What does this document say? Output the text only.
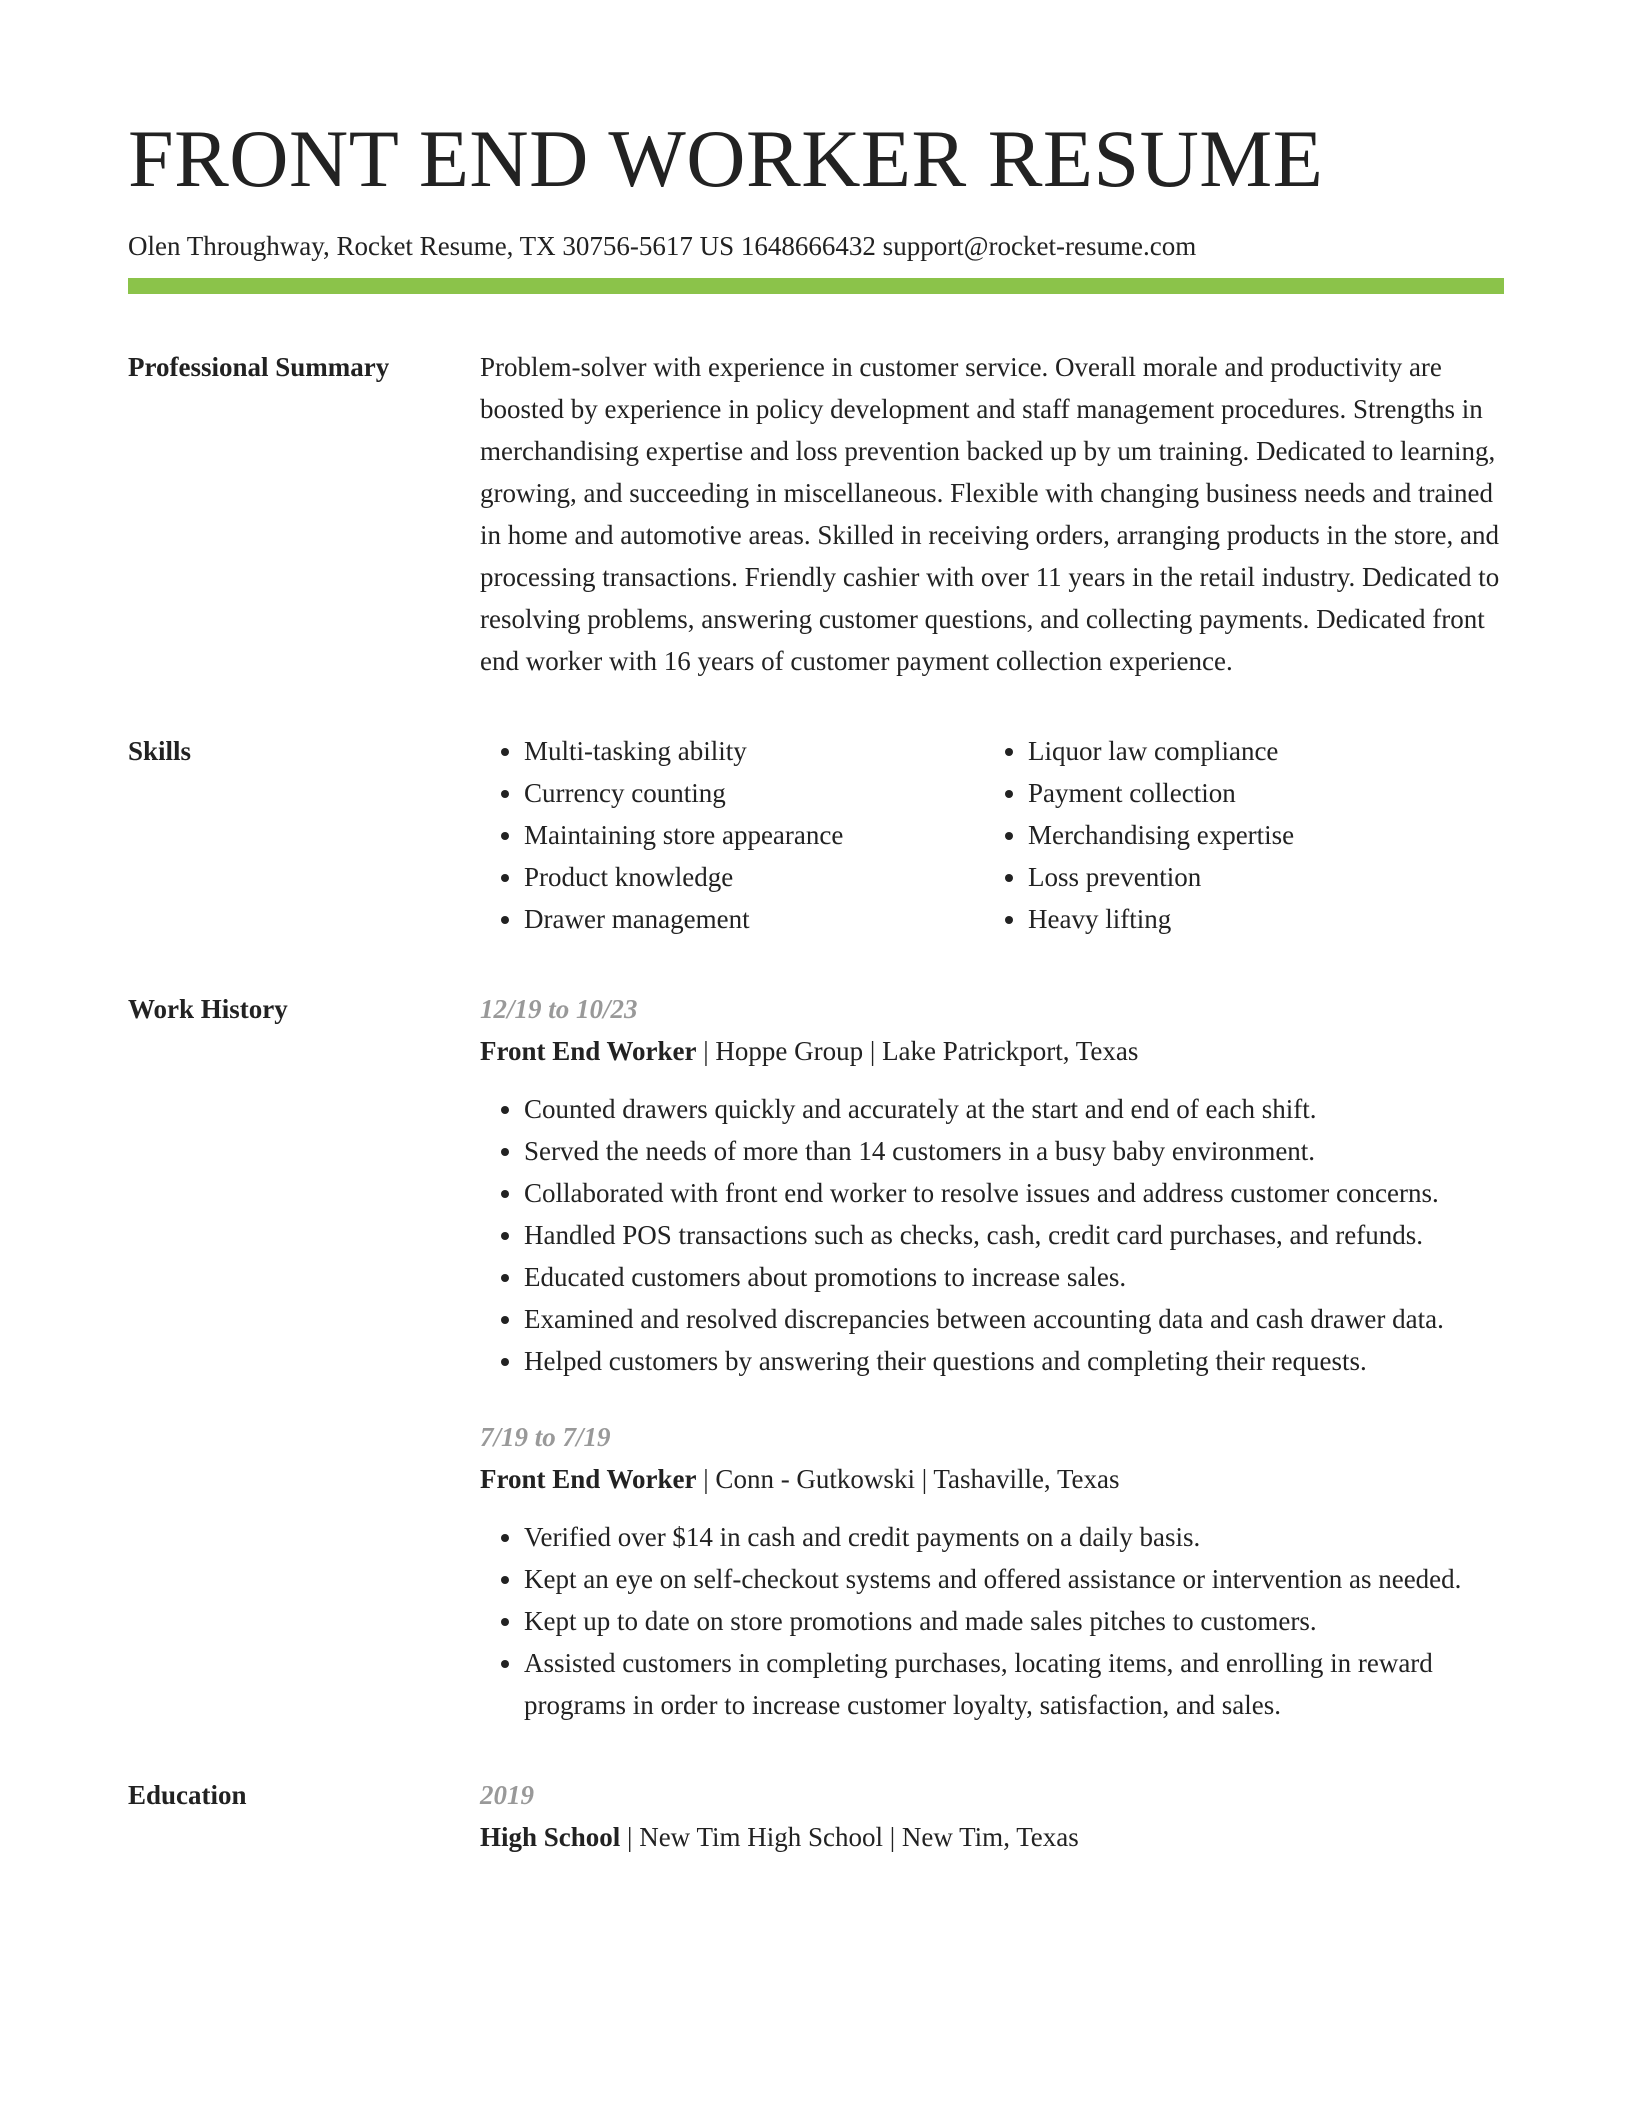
FRONT END WORKER RESUME
Olen Throughway, Rocket Resume, TX 30756-5617 US 1648666432 support@rocket-resume.com
Professional Summary	Problem-solver with experience in customer service. Overall morale and productivity are boosted by experience in policy development and staff management procedures. Strengths in merchandising expertise and loss prevention backed up by um training. Dedicated to learning, growing, and succeeding in miscellaneous. Flexible with changing business needs and trained in home and automotive areas. Skilled in receiving orders, arranging products in the store, and processing transactions. Friendly cashier with over 11 years in the retail industry. Dedicated to resolving problems, answering customer questions, and collecting payments. Dedicated front end worker with 16 years of customer payment collection experience.

Skills
•	Multi-tasking ability
• Currency counting
• Maintaining store appearance
• Product knowledge
• Drawer management
• Liquor law compliance
• Payment collection
• Merchandising expertise
• Loss prevention
• Heavy lifting
Work History	12/19 to 10/23
Front End Worker | Hoppe Group | Lake Patrickport, Texas
• Counted drawers quickly and accurately at the start and end of each shift.
• Served the needs of more than 14 customers in a busy baby environment.
• Collaborated with front end worker to resolve issues and address customer concerns.
• Handled POS transactions such as checks, cash, credit card purchases, and refunds.
• Educated customers about promotions to increase sales.
• Examined and resolved discrepancies between accounting data and cash drawer data.
• Helped customers by answering their questions and completing their requests.
7/19 to 7/19
Front End Worker | Conn - Gutkowski | Tashaville, Texas
• Verified over $14 in cash and credit payments on a daily basis.
• Kept an eye on self-checkout systems and offered assistance or intervention as needed.
• Kept up to date on store promotions and made sales pitches to customers.
• Assisted customers in completing purchases, locating items, and enrolling in reward programs in order to increase customer loyalty, satisfaction, and sales.
Education	2019
High School | New Tim High School | New Tim, Texas
